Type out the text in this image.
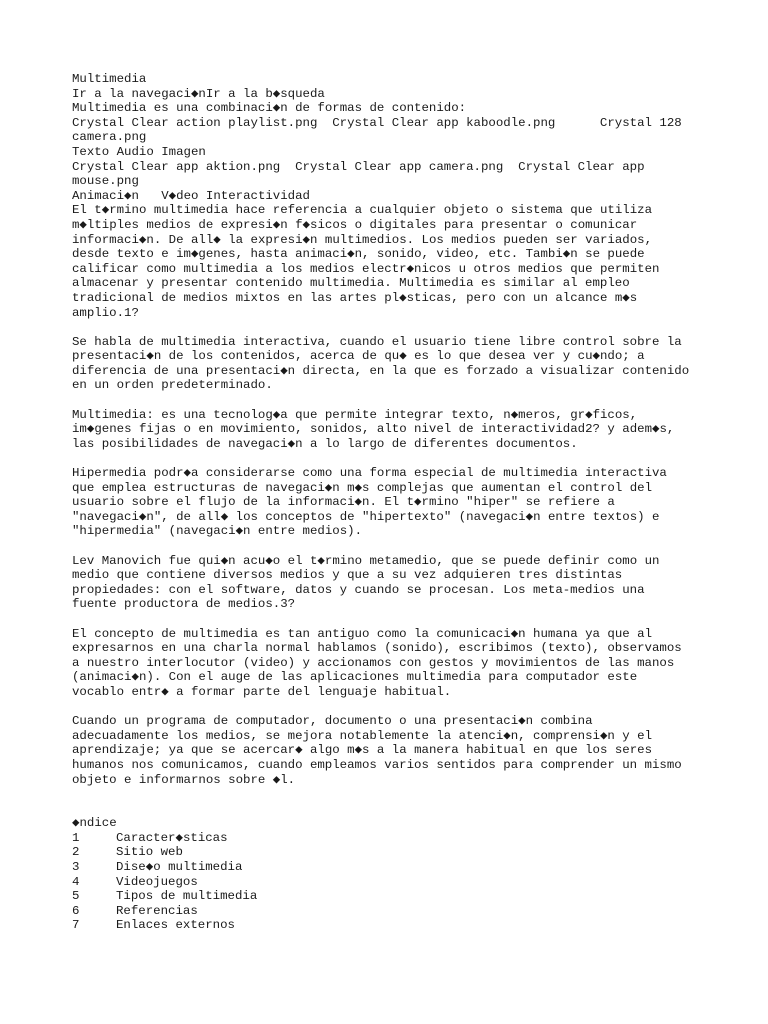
Multimedia
Ir a la navegaci◆nIr a la b◆squeda
Multimedia es una combinaci◆n de formas de contenido:
Crystal Clear action playlist.png  Crystal Clear app kaboodle.png      Crystal 128
camera.png
Texto Audio Imagen
Crystal Clear app aktion.png  Crystal Clear app camera.png  Crystal Clear app
mouse.png
Animaci◆n   V◆deo Interactividad
El t◆rmino multimedia hace referencia a cualquier objeto o sistema que utiliza
m◆ltiples medios de expresi◆n f◆sicos o digitales para presentar o comunicar
informaci◆n. De all◆ la expresi◆n multimedios. Los medios pueden ser variados,
desde texto e im◆genes, hasta animaci◆n, sonido, video, etc. Tambi◆n se puede
calificar como multimedia a los medios electr◆nicos u otros medios que permiten
almacenar y presentar contenido multimedia. Multimedia es similar al empleo
tradicional de medios mixtos en las artes pl◆sticas, pero con un alcance m◆s
amplio.1?
Se habla de multimedia interactiva, cuando el usuario tiene libre control sobre la
presentaci◆n de los contenidos, acerca de qu◆ es lo que desea ver y cu◆ndo; a
diferencia de una presentaci◆n directa, en la que es forzado a visualizar contenido
en un orden predeterminado.
Multimedia: es una tecnolog◆a que permite integrar texto, n◆meros, gr◆ficos,
im◆genes fijas o en movimiento, sonidos, alto nivel de interactividad2? y adem◆s,
las posibilidades de navegaci◆n a lo largo de diferentes documentos.
Hipermedia podr◆a considerarse como una forma especial de multimedia interactiva
que emplea estructuras de navegaci◆n m◆s complejas que aumentan el control del
usuario sobre el flujo de la informaci◆n. El t◆rmino "hiper" se refiere a
"navegaci◆n", de all◆ los conceptos de "hipertexto" (navegaci◆n entre textos) e
"hipermedia" (navegaci◆n entre medios).
Lev Manovich fue qui◆n acu◆o el t◆rmino metamedio, que se puede definir como un
medio que contiene diversos medios y que a su vez adquieren tres distintas
propiedades: con el software, datos y cuando se procesan. Los meta-medios una
fuente productora de medios.3?
El concepto de multimedia es tan antiguo como la comunicaci◆n humana ya que al
expresarnos en una charla normal hablamos (sonido), escribimos (texto), observamos
a nuestro interlocutor (video) y accionamos con gestos y movimientos de las manos
(animaci◆n). Con el auge de las aplicaciones multimedia para computador este
vocablo entr◆ a formar parte del lenguaje habitual.
Cuando un programa de computador, documento o una presentaci◆n combina
adecuadamente los medios, se mejora notablemente la atenci◆n, comprensi◆n y el
aprendizaje; ya que se acercar◆ algo m◆s a la manera habitual en que los seres
humanos nos comunicamos, cuando empleamos varios sentidos para comprender un mismo
objeto e informarnos sobre ◆l.
◆ndice
1	Caracter◆sticas
2	Sitio web
3	Dise◆o multimedia
4	Videojuegos
5	Tipos de multimedia
6	Referencias
7	Enlaces externos
